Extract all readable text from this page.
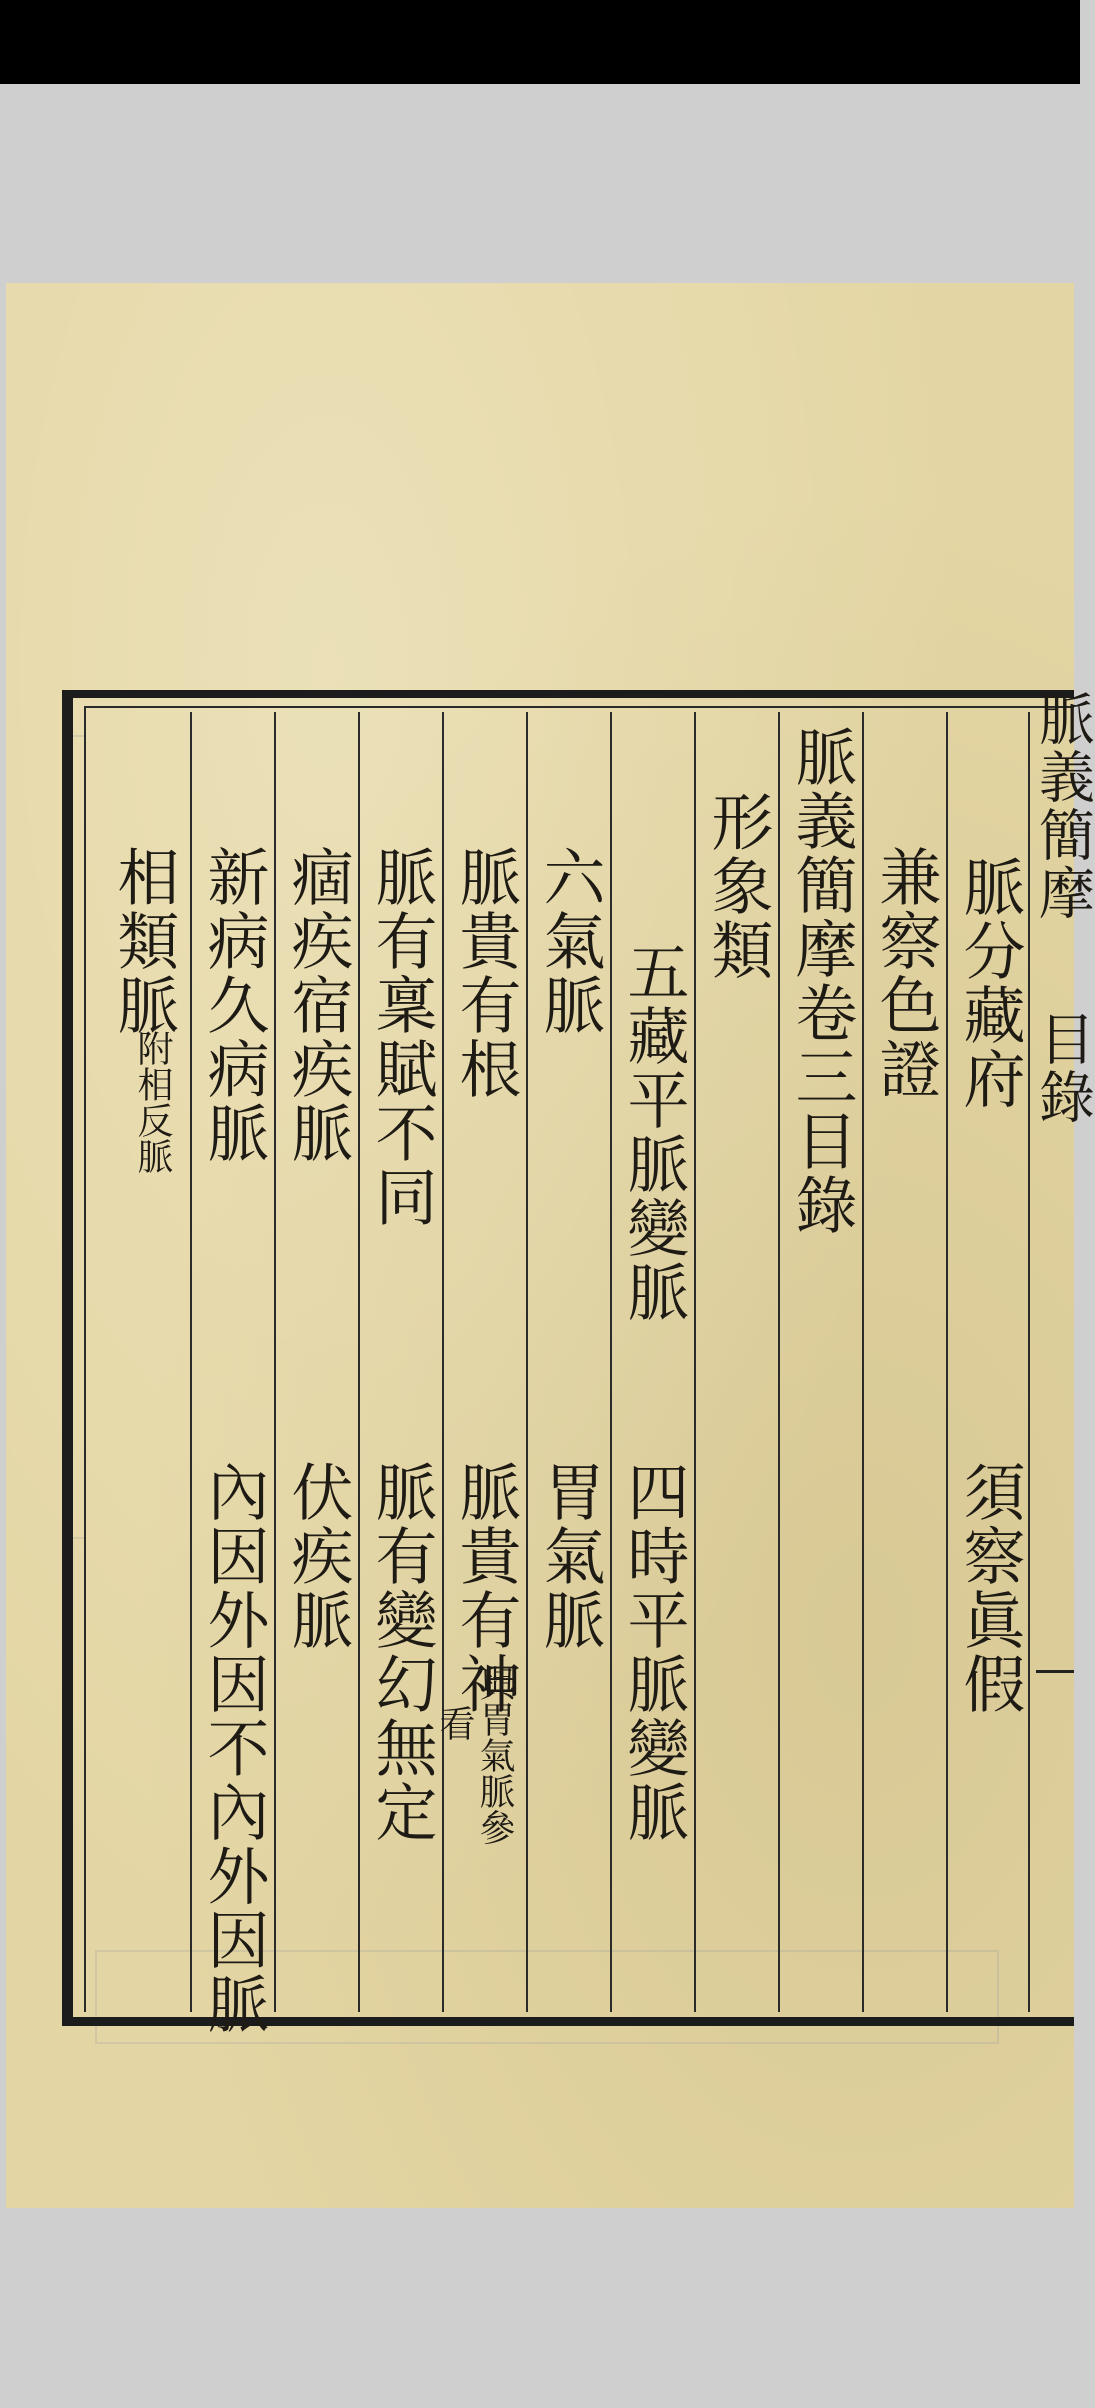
脈義簡摩
目錄
脈分藏府
須察眞假
兼察色證
脈義簡摩卷三目錄
形象類
五藏平脈變脈
四時平脈變脈
六氣脈
胃氣脈
脈貴有根
脈貴有神
與胃氣脈參
看
脈有稟賦不同
脈有變幻無定
痼疾宿疾脈
伏疾脈
新病久病脈
內因外因不內外因脈
相類脈
附相反脈
